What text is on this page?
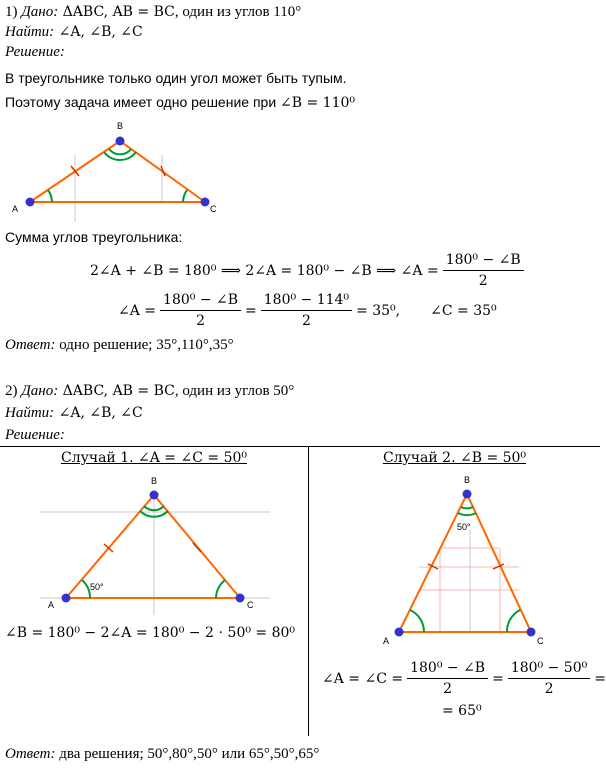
1) Дано: ΔABC, AB = BC, один из углов 110°
Найти: ∠A, ∠B, ∠C
Решение:
В треугольнике только один угол может быть тупым.
Поэтому задача имеет одно решение при ∠B = 110⁰
A
B
C
Сумма углов треугольника:
2∠A + ∠B = 180⁰ ⟹ 2∠A = 180⁰ − ∠B ⟹ ∠A = $\frac{\text{180⁰ − ∠B}}{2}$
∠A = $\frac{\text{180⁰ − ∠B}}{2} = \frac{\text{180⁰ − 114⁰}}{2} = 35^0$, ∠C = 35⁰
Ответ: одно решение; 35°,110°,35°
2) Дано: ΔABC, AB = BC, один из углов 50°
Найти: ∠A, ∠B, ∠C
Решение:
Случай 1. ∠A = ∠C = 50⁰	Случай 2. ∠B = 50⁰
A
B
C
50°
∠B = 180⁰ − 2∠A = 180⁰ − 2 ⋅ 50⁰ = 80⁰	A
B
C
50°
∠A = ∠C = $\frac{\text{180⁰ − ∠B}}{2} = \frac{\text{180⁰ − 50⁰}}{2}$ =
= 65⁰
Ответ: два решения; 50°,80°,50° или 65°,50°,65°
